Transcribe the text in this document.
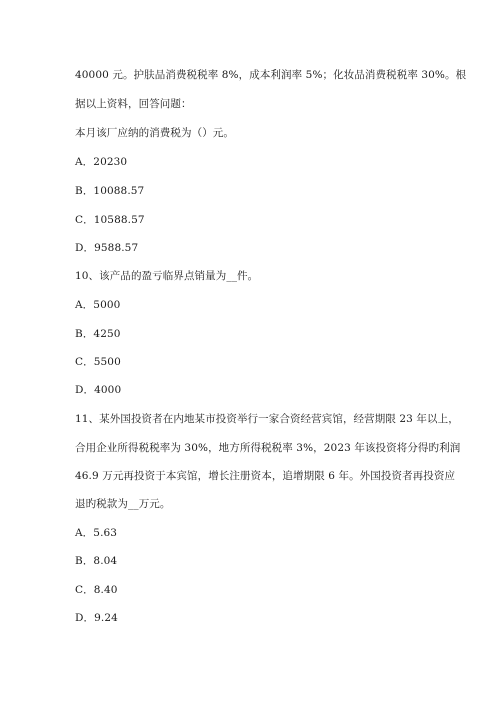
40000 元。护肤品消费税税率 8%，成本利润率 5%；化妆品消费税税率 30%。根
据以上资料，回答问题：
本月该厂应纳的消费税为（）元。
A．20230
B．10088.57
C．10588.57
D．9588.57
10、该产品的盈亏临界点销量为__件。
A．5000
B．4250
C．5500
D．4000
11、某外国投资者在内地某市投资举行一家合资经营宾馆，经营期限 23 年以上，
合用企业所得税税率为 30%，地方所得税税率 3%，2023 年该投资将分得旳利润
46.9 万元再投资于本宾馆，增长注册资本，追增期限 6 年。外国投资者再投资应
退旳税款为__万元。
A．5.63
B．8.04
C．8.40
D．9.24
